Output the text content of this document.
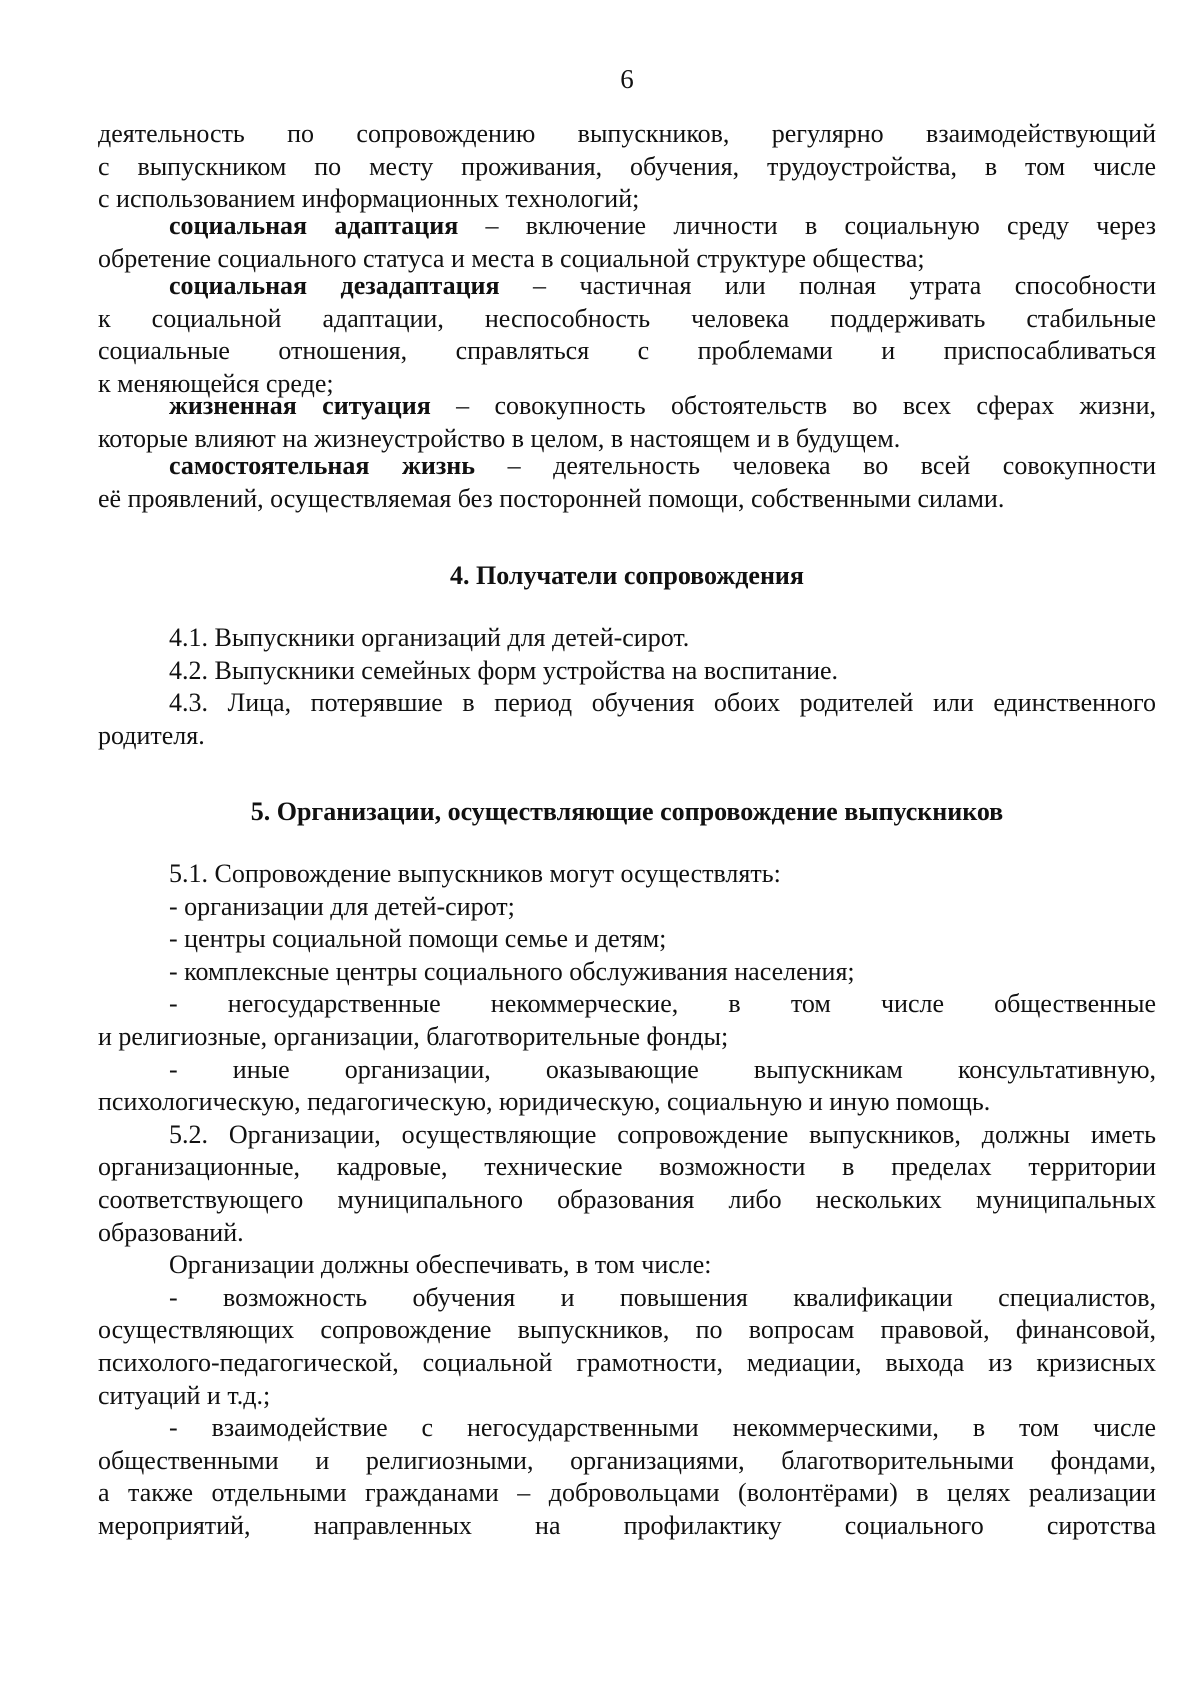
6
деятельность по сопровождению выпускников, регулярно взаимодействующий
с выпускником по месту проживания, обучения, трудоустройства, в том числе
с использованием информационных технологий;
социальная адаптация – включение личности в социальную среду через
обретение социального статуса и места в социальной структуре общества;
социальная дезадаптация – частичная или полная утрата способности
к социальной адаптации, неспособность человека поддерживать стабильные
социальные отношения, справляться с проблемами и приспосабливаться
к меняющейся среде;
жизненная ситуация – совокупность обстоятельств во всех сферах жизни,
которые влияют на жизнеустройство в целом, в настоящем и в будущем.
самостоятельная жизнь – деятельность человека во всей совокупности
её проявлений, осуществляемая без посторонней помощи, собственными силами.
4. Получатели сопровождения
4.1. Выпускники организаций для детей-сирот.
4.2. Выпускники семейных форм устройства на воспитание.
4.3. Лица, потерявшие в период обучения обоих родителей или единственного
родителя.
5. Организации, осуществляющие сопровождение выпускников
5.1. Сопровождение выпускников могут осуществлять:
- организации для детей-сирот;
- центры социальной помощи семье и детям;
- комплексные центры социального обслуживания населения;
- негосударственные некоммерческие, в том числе общественные
и религиозные, организации, благотворительные фонды;
- иные организации, оказывающие выпускникам консультативную,
психологическую, педагогическую, юридическую, социальную и иную помощь.
5.2. Организации, осуществляющие сопровождение выпускников, должны иметь
организационные, кадровые, технические возможности в пределах территории
соответствующего муниципального образования либо нескольких муниципальных
образований.
Организации должны обеспечивать, в том числе:
- возможность обучения и повышения квалификации специалистов,
осуществляющих сопровождение выпускников, по вопросам правовой, финансовой,
психолого-педагогической, социальной грамотности, медиации, выхода из кризисных
ситуаций и т.д.;
- взаимодействие с негосударственными некоммерческими, в том числе
общественными и религиозными, организациями, благотворительными фондами,
а также отдельными гражданами – добровольцами (волонтёрами) в целях реализации
мероприятий, направленных на профилактику социального сиротства
